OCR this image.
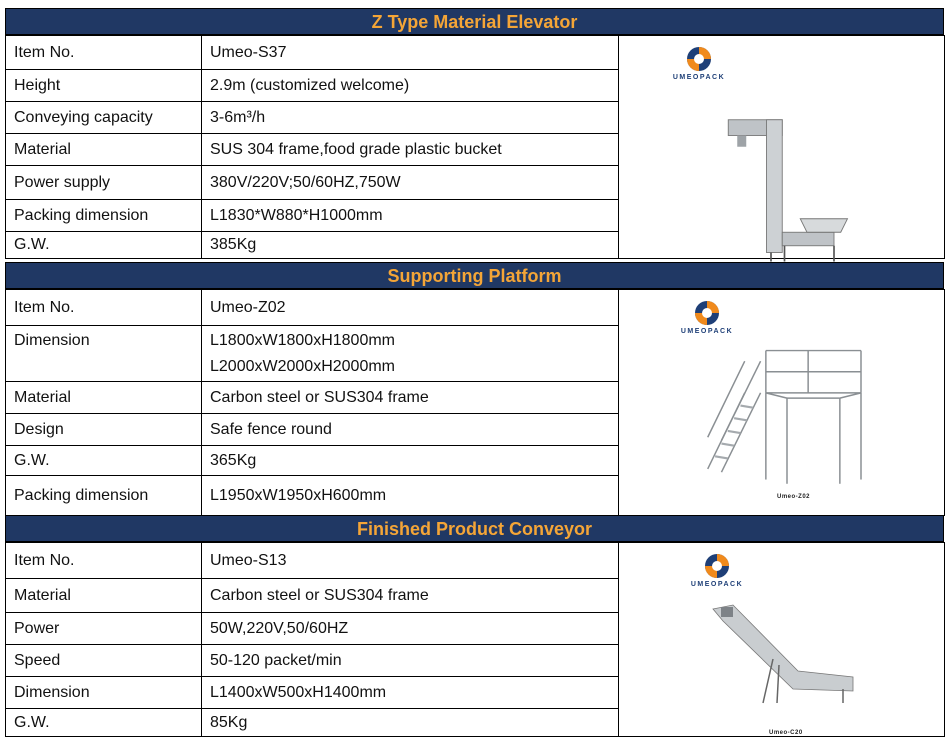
Z Type Material Elevator
Item No.	Umeo-S37	UMEOPACK

Height	2.9m (customized welcome)	

Conveying capacity	3-6m³/h	

Material	SUS 304 frame,food grade plastic bucket	

Power supply	380V/220V;50/60HZ,750W	

Packing dimension	L1830*W880*H1000mm	

G.W.	385Kg	
Supporting Platform
Item No.	Umeo-Z02	UMEOPACK
Umeo-Z02

Dimension	L1800xW1800xH1800mm
L2000xW2000xH2000mm	

Material	Carbon steel or SUS304 frame	

Design	Safe fence round	

G.W.	365Kg	

Packing dimension	L1950xW1950xH600mm	
Finished Product Conveyor
Item No.	Umeo-S13	UMEOPACK
Umeo-C20

Material	Carbon steel or SUS304 frame	

Power	50W,220V,50/60HZ	

Speed	50-120 packet/min	

Dimension	L1400xW500xH1400mm	

G.W.	85Kg	
